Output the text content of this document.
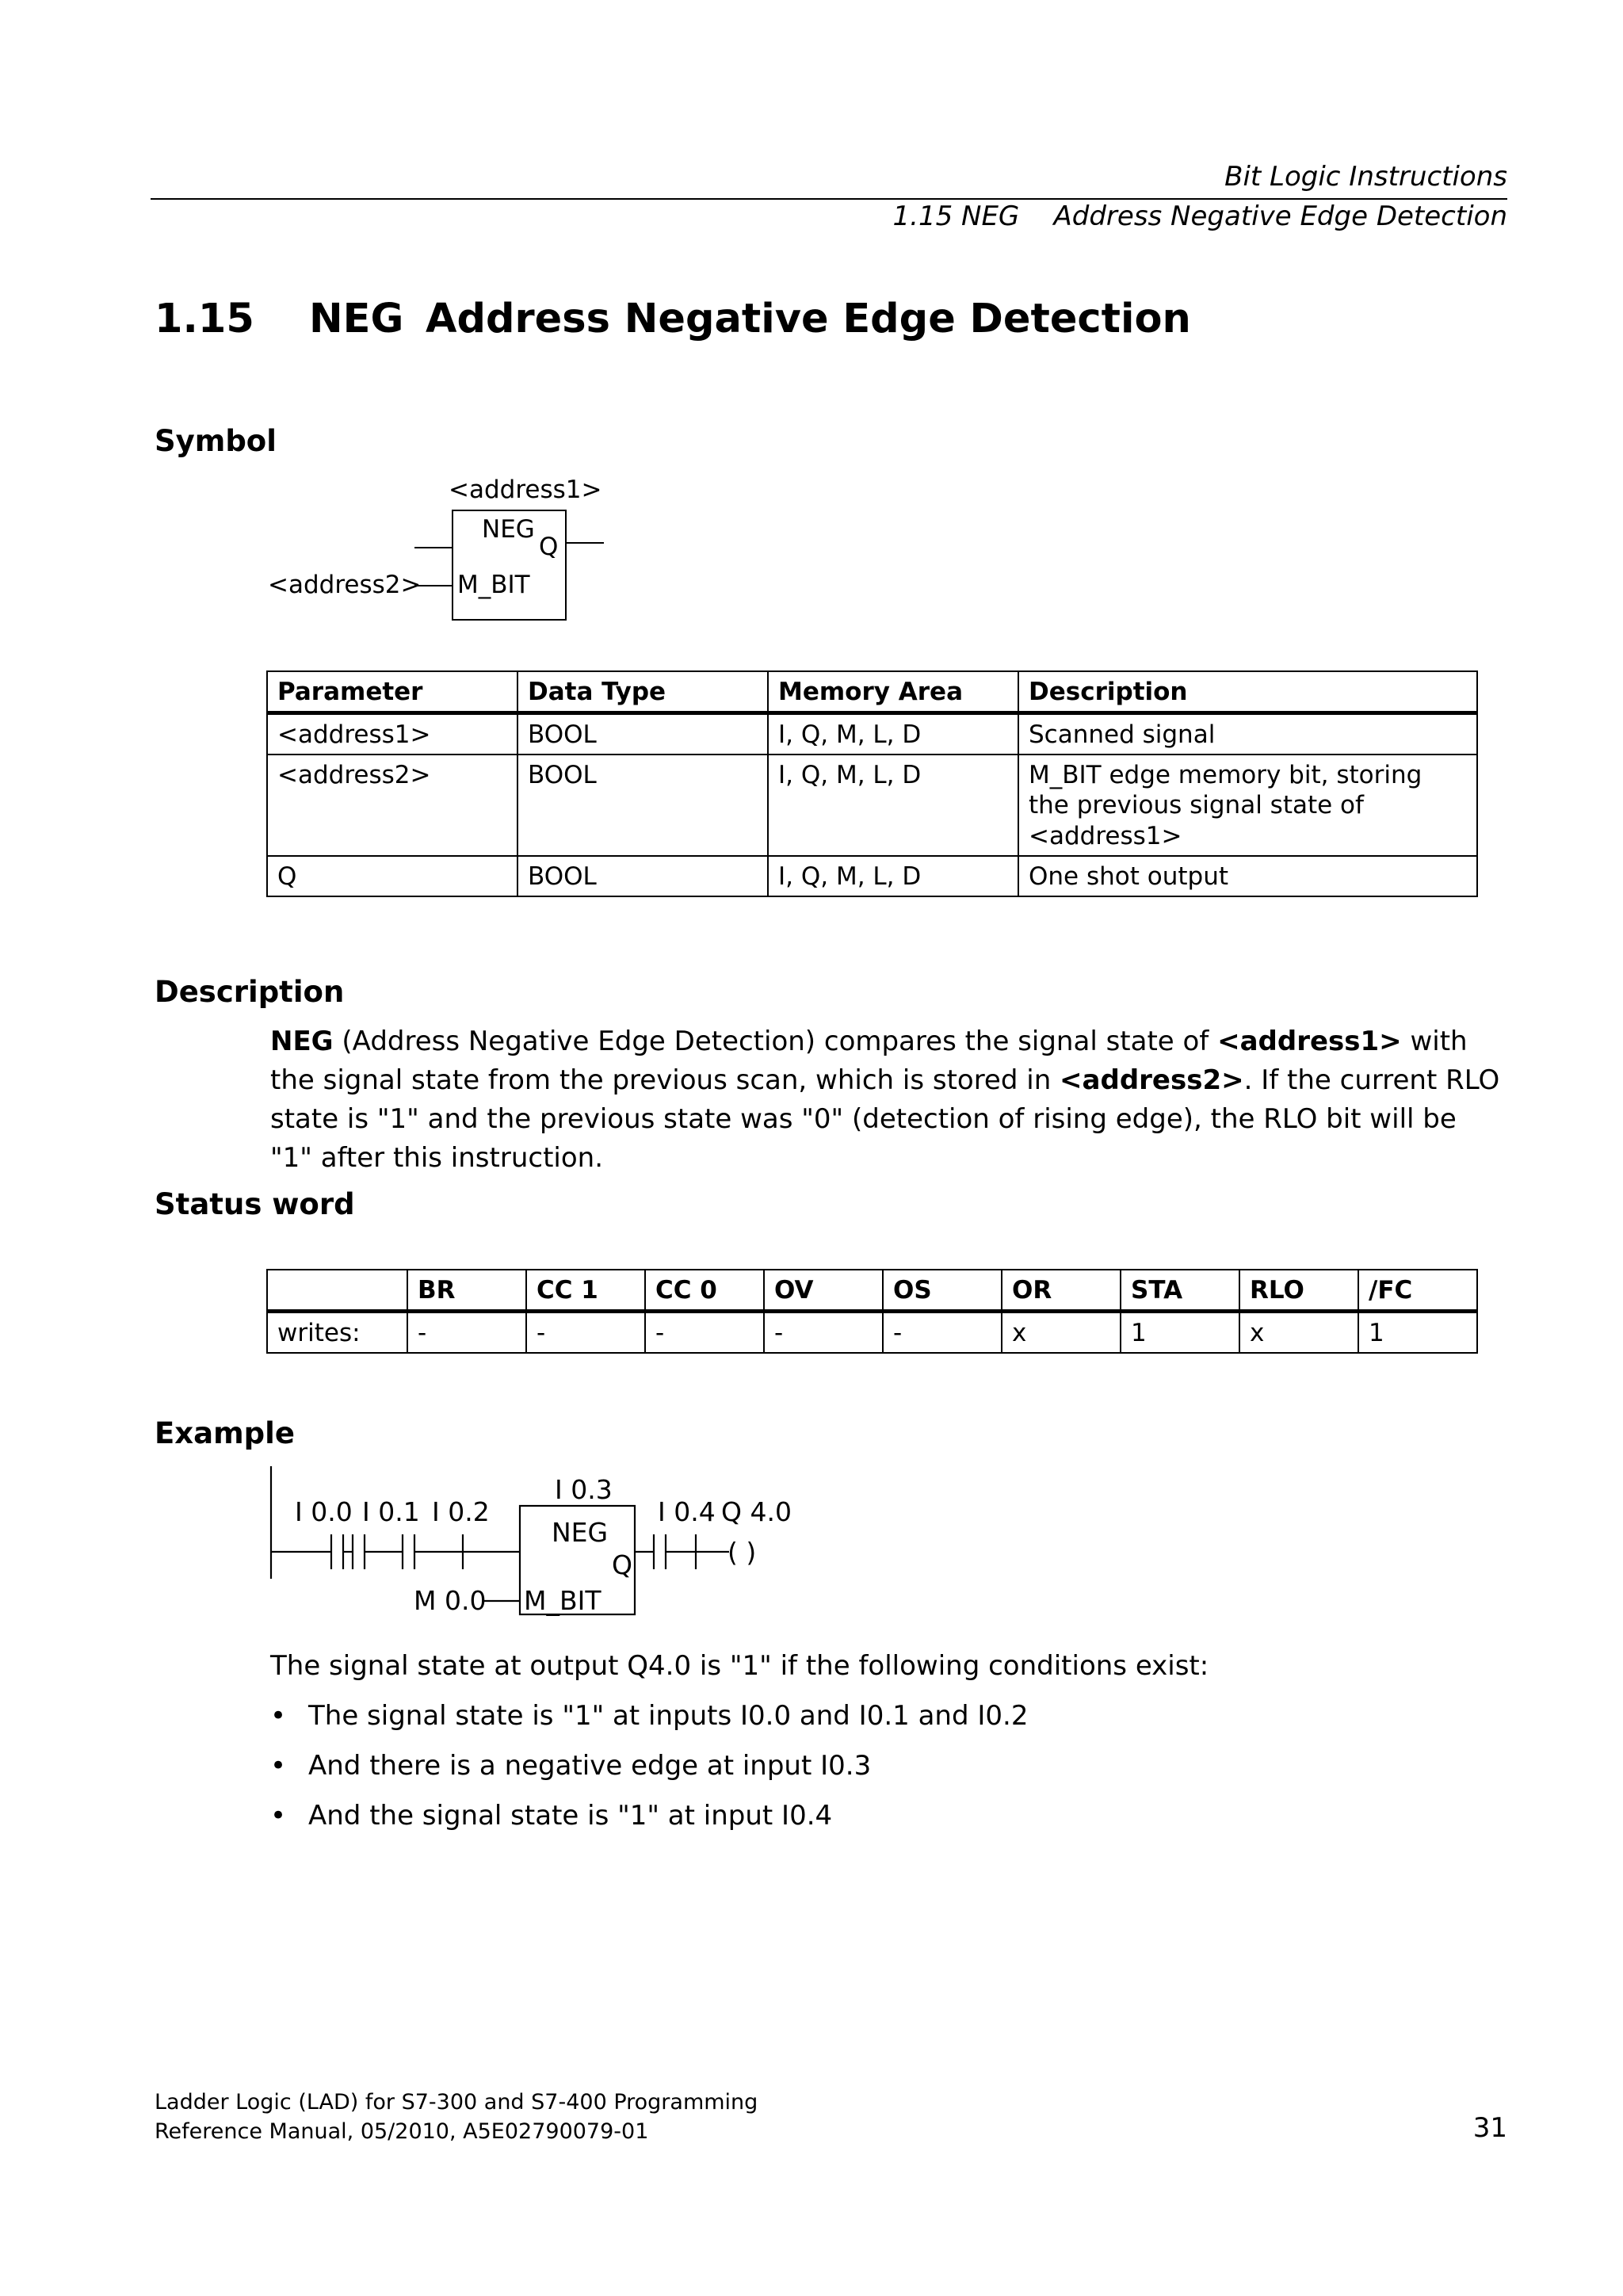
Bit Logic Instructions
1.15 NEG    Address Negative Edge Detection
1.15 NEG Address Negative Edge Detection
Symbol
<address1>
NEG
Q
<address2> M_BIT
Parameter	Data Type	Memory Area	Description
<address1>	BOOL	I, Q, M, L, D	Scanned signal
<address2>	BOOL	I, Q, M, L, D	M_BIT edge memory bit, storing the previous signal state of <address1>
Q	BOOL	I, Q, M, L, D	One shot output
Description
NEG (Address Negative Edge Detection) compares the signal state of <address1> with the signal state from the previous scan, which is stored in <address2>. If the current RLO state is "1" and the previous state was "0" (detection of rising edge), the RLO bit will be "1" after this instruction.
Status word
	BR	CC 1	CC 0	OV	OS	OR	STA	RLO	/FC
writes:	-	-	-	-	-	x	1	x	1
Example
I 0.0 I 0.1 I 0.2
I 0.3
NEG
Q
M 0.0 M_BIT
I 0.4 Q 4.0
( )
The signal state at output Q4.0 is "1" if the following conditions exist:
• The signal state is "1" at inputs I0.0 and I0.1 and I0.2
• And there is a negative edge at input I0.3
• And the signal state is "1" at input I0.4
Ladder Logic (LAD) for S7-300 and S7-400 Programming
Reference Manual, 05/2010, A5E02790079-01	31
